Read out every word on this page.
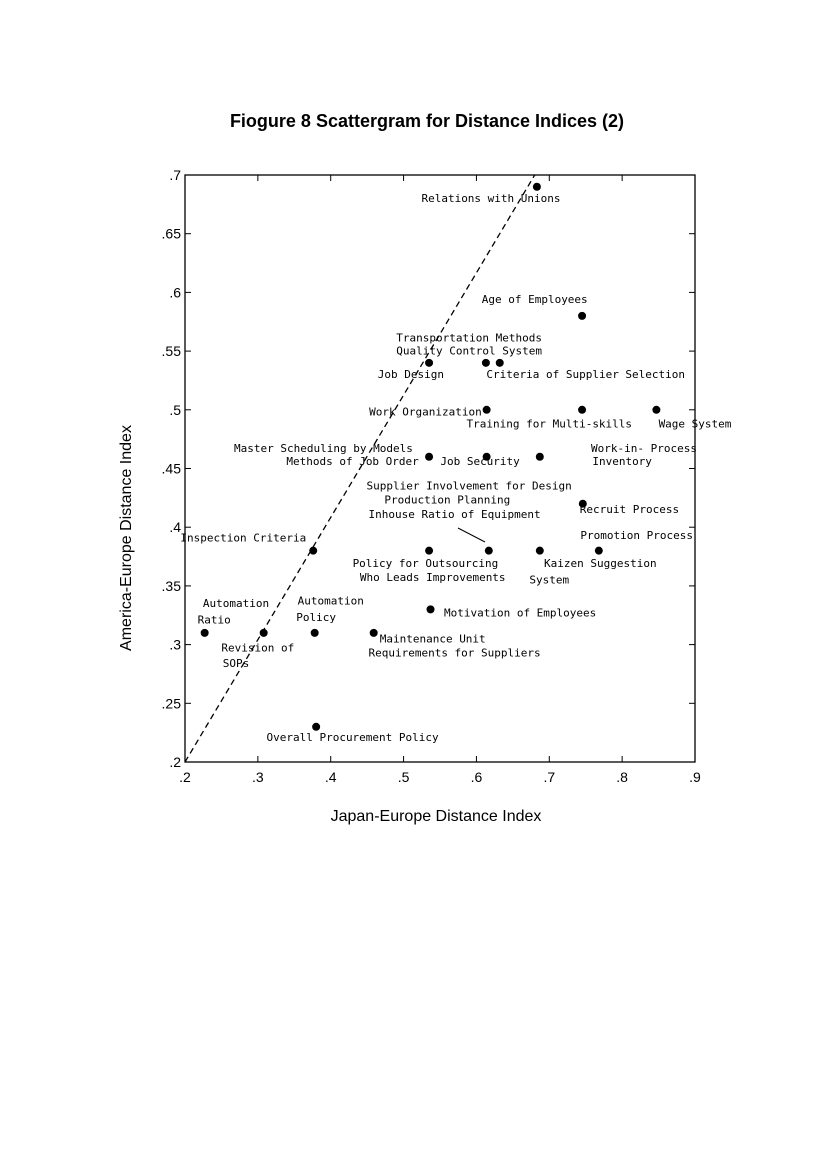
Fiogure 8 Scattergram for Distance Indices (2)
.2
.25
.3
.35
.4
.45
.5
.55
.6
.65
.7
.2	.3	.4	.5	.6	.7	.8	.9
Relations with Unions
Age of Employees
Transportation Methods
Quality Control System
Job Design	Criteria of Supplier Selection
Work Organization
Training for Multi-skills Wage System
Master Scheduling by Models
Methods of Job Order Job Security
Work-in- Process
Inventory
Supplier Involvement for Design
Production Planning
Inhouse Ratio of Equipment	Recruit Process
Inspection Criteria	Promotion Process
Policy for Outsourcing
Who Leads Improvements
Kaizen Suggestion
System
Automation
Ratio
Automation
Policy	Motivation of Employees
Maintenance Unit
Requirements for Suppliers
Revision of
SOPs
Overall Procurement Policy
Japan-Europe Distance Index
America-Europe Distance Index
